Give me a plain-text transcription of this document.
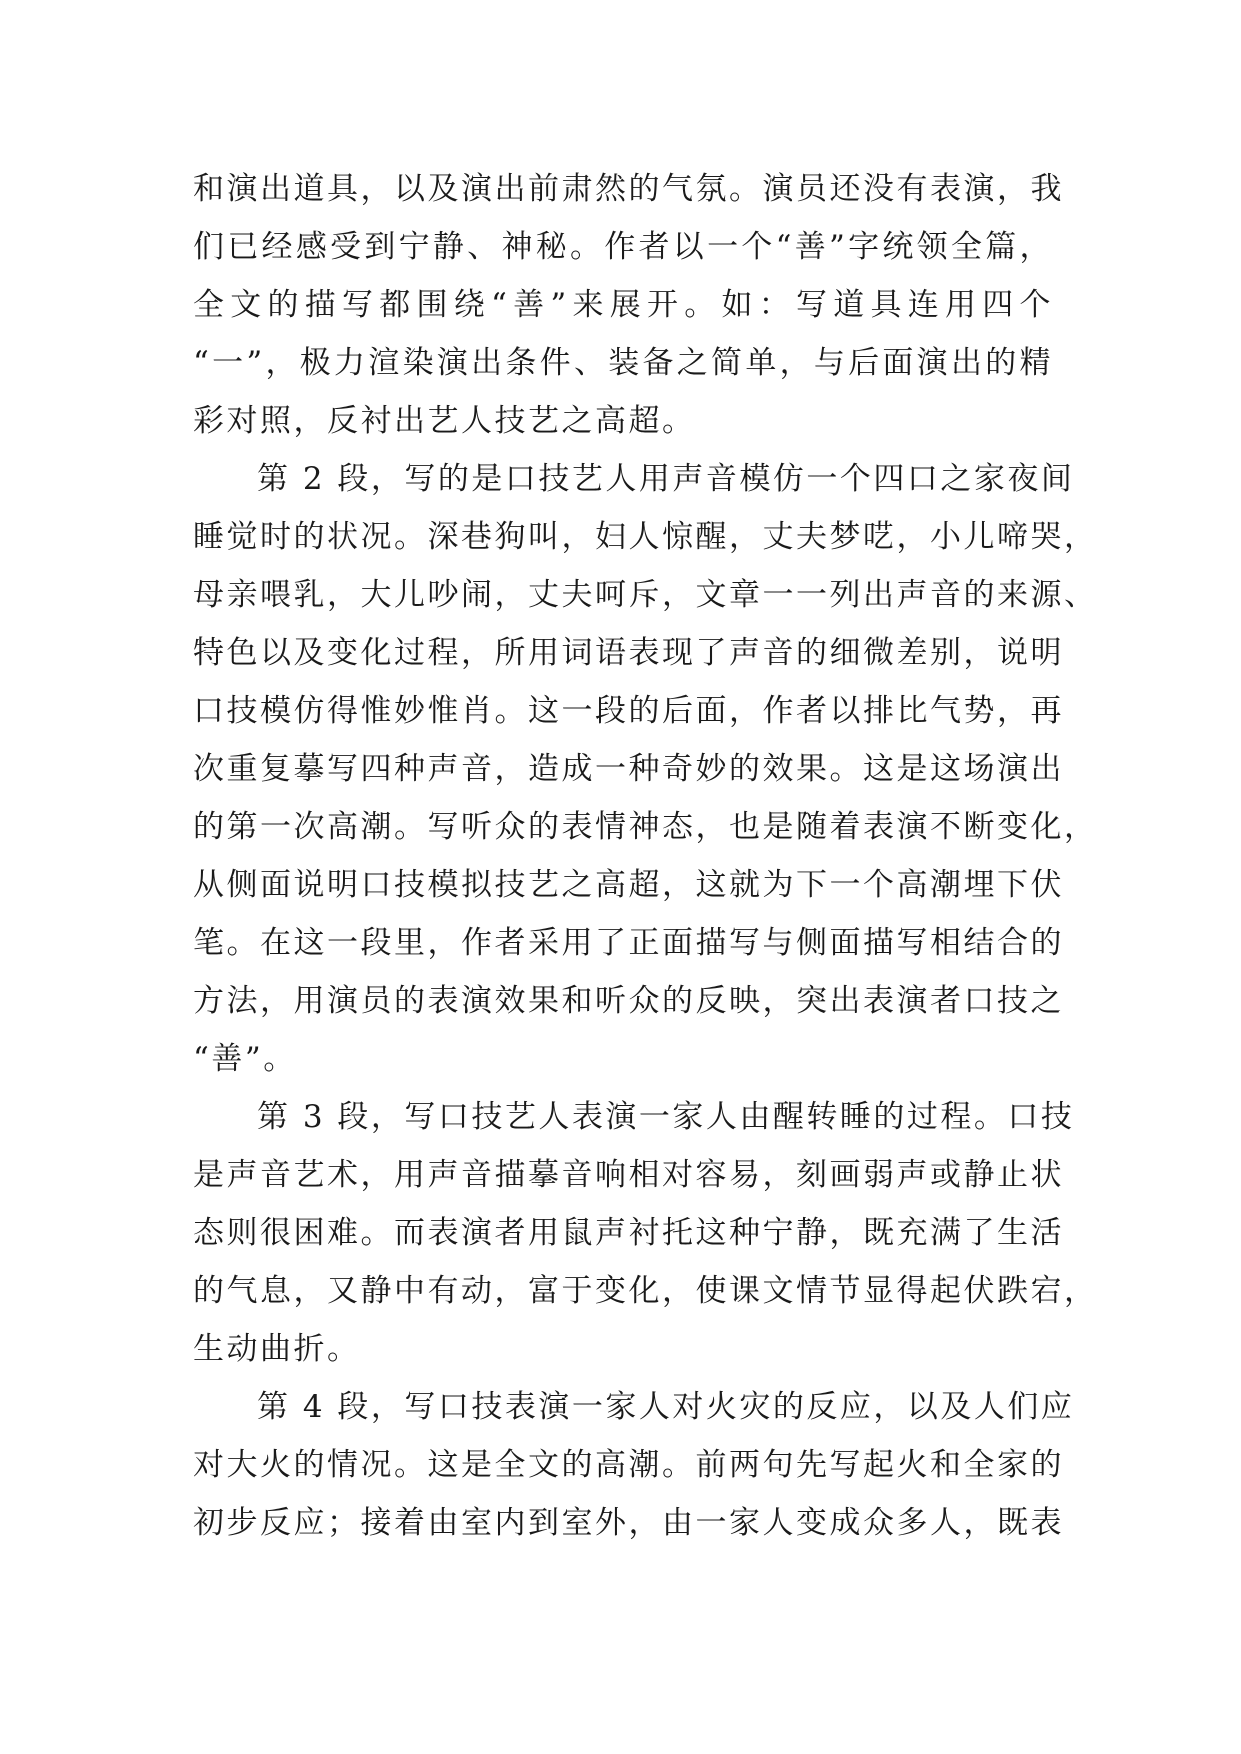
和演出道具，以及演出前肃然的气氛。演员还没有表演，我
们已经感受到宁静、神秘。作者以一个“善”字统领全篇，
全文的描写都围绕“善”来展开。如：写道具连用四个
“一”，极力渲染演出条件、装备之简单，与后面演出的精
彩对照，反衬出艺人技艺之高超。
第 2 段，写的是口技艺人用声音模仿一个四口之家夜间
睡觉时的状况。深巷狗叫，妇人惊醒，丈夫梦呓，小儿啼哭，
母亲喂乳，大儿吵闹，丈夫呵斥，文章一一列出声音的来源、
特色以及变化过程，所用词语表现了声音的细微差别，说明
口技模仿得惟妙惟肖。这一段的后面，作者以排比气势，再
次重复摹写四种声音，造成一种奇妙的效果。这是这场演出
的第一次高潮。写听众的表情神态，也是随着表演不断变化，
从侧面说明口技模拟技艺之高超，这就为下一个高潮埋下伏
笔。在这一段里，作者采用了正面描写与侧面描写相结合的
方法，用演员的表演效果和听众的反映，突出表演者口技之
“善”。
第 3 段，写口技艺人表演一家人由醒转睡的过程。口技
是声音艺术，用声音描摹音响相对容易，刻画弱声或静止状
态则很困难。而表演者用鼠声衬托这种宁静，既充满了生活
的气息，又静中有动，富于变化，使课文情节显得起伏跌宕，
生动曲折。
第 4 段，写口技表演一家人对火灾的反应，以及人们应
对大火的情况。这是全文的高潮。前两句先写起火和全家的
初步反应；接着由室内到室外，由一家人变成众多人，既表
